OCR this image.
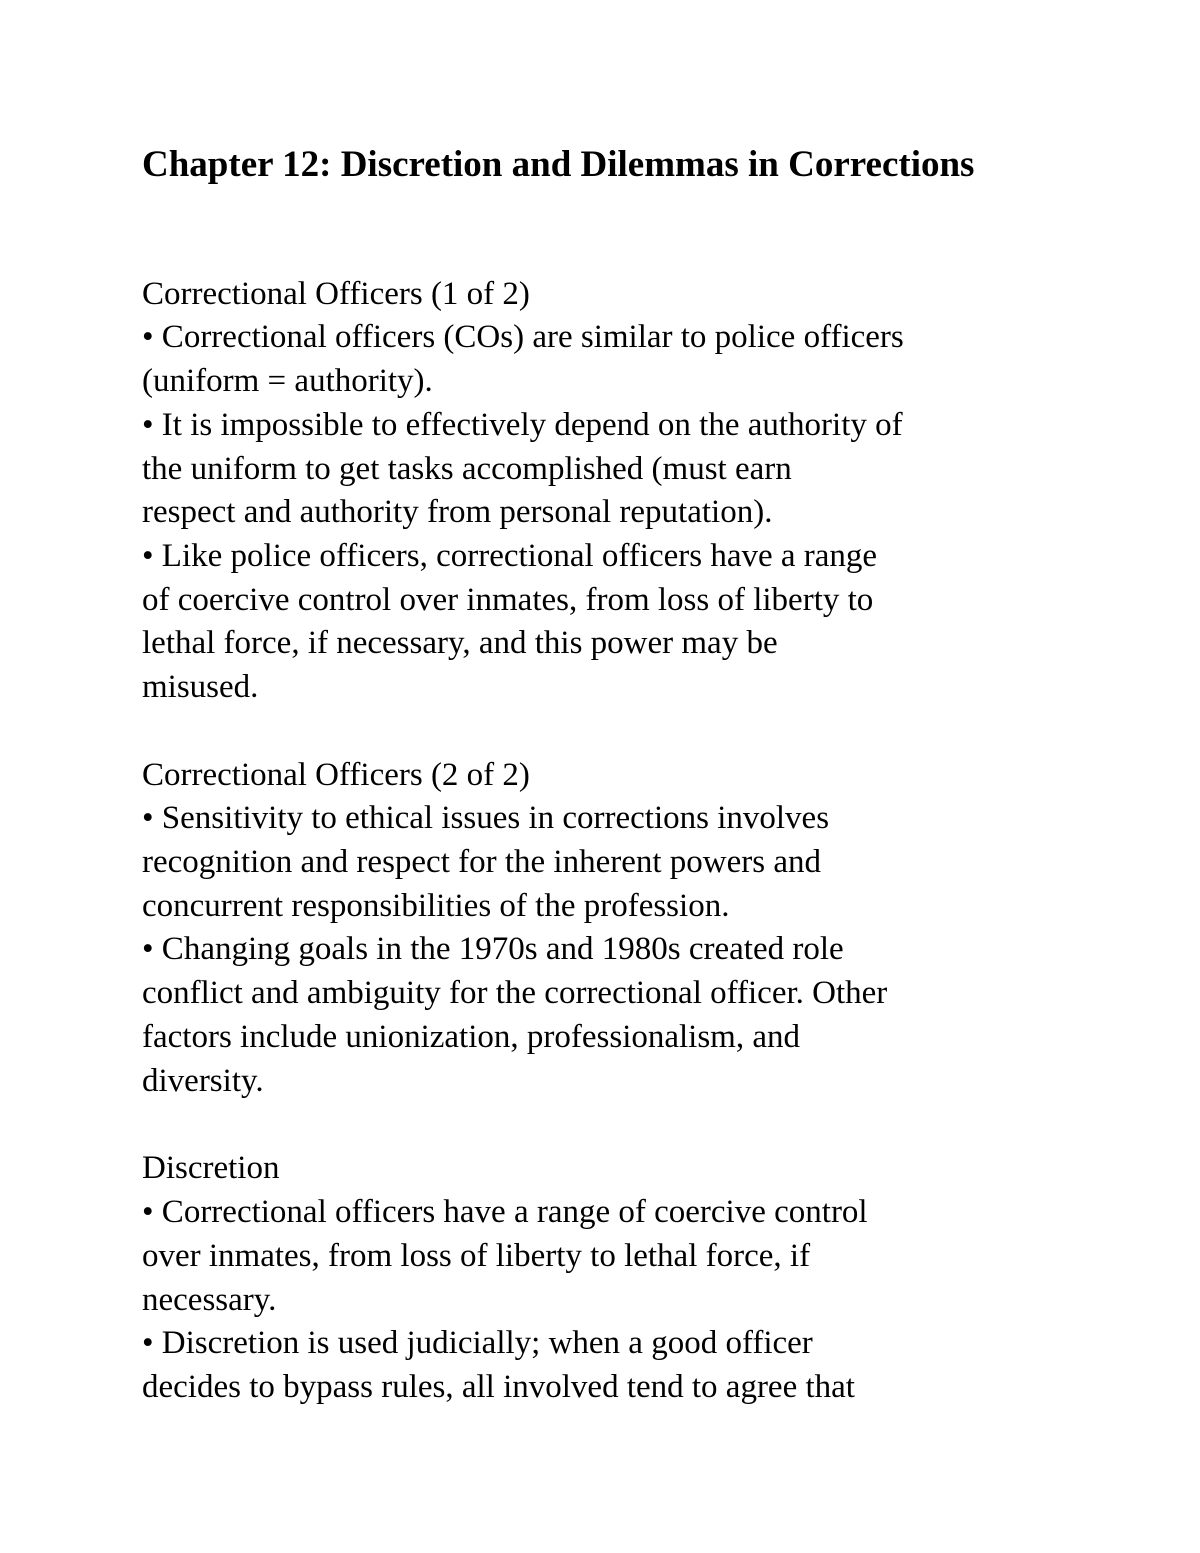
Chapter 12: Discretion and Dilemmas in Corrections

Correctional Officers (1 of 2)

• Correctional officers (COs) are similar to police officers

(uniform = authority).

• It is impossible to effectively depend on the authority of

the uniform to get tasks accomplished (must earn

respect and authority from personal reputation).

• Like police officers, correctional officers have a range

of coercive control over inmates, from loss of liberty to

lethal force, if necessary, and this power may be

misused.

Correctional Officers (2 of 2)

• Sensitivity to ethical issues in corrections involves

recognition and respect for the inherent powers and

concurrent responsibilities of the profession.

• Changing goals in the 1970s and 1980s created role

conflict and ambiguity for the correctional officer. Other

factors include unionization, professionalism, and

diversity.

Discretion

• Correctional officers have a range of coercive control

over inmates, from loss of liberty to lethal force, if

necessary.

• Discretion is used judicially; when a good officer

decides to bypass rules, all involved tend to agree that
